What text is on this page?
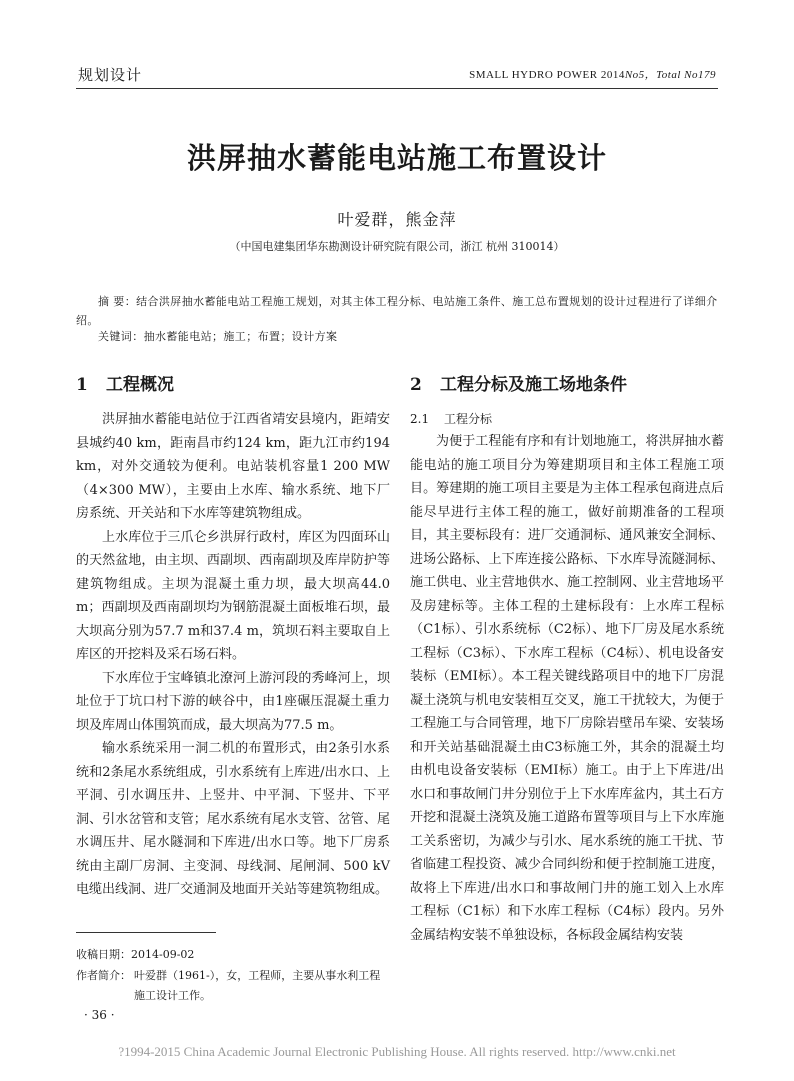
规划设计	SMALL HYDRO POWER 2014No5，Total No179
洪屏抽水蓄能电站施工布置设计
叶爱群，熊金萍
（中国电建集团华东勘测设计研究院有限公司，浙江 杭州 310014）
摘 要：结合洪屏抽水蓄能电站工程施工规划，对其主体工程分标、电站施工条件、施工总布置规划的设计过程进行了详细介绍。
关键词：抽水蓄能电站；施工；布置；设计方案
1 工程概况

洪屏抽水蓄能电站位于江西省靖安县境内，距靖安县城约40 km，距南昌市约124 km，距九江市约194 km，对外交通较为便利。电站装机容量1 200 MW（4×300 MW），主要由上水库、输水系统、地下厂房系统、开关站和下水库等建筑物组成。

上水库位于三爪仑乡洪屏行政村，库区为四面环山的天然盆地，由主坝、西副坝、西南副坝及库岸防护等建筑物组成。主坝为混凝土重力坝，最大坝高44.0 m；西副坝及西南副坝均为钢筋混凝土面板堆石坝，最大坝高分别为57.7 m和37.4 m，筑坝石料主要取自上库区的开挖料及采石场石料。

下水库位于宝峰镇北潦河上游河段的秀峰河上，坝址位于丁坑口村下游的峡谷中，由1座碾压混凝土重力坝及库周山体围筑而成，最大坝高为77.5 m。

输水系统采用一洞二机的布置形式，由2条引水系统和2条尾水系统组成，引水系统有上库进/出水口、上平洞、引水调压井、上竖井、中平洞、下竖井、下平洞、引水岔管和支管；尾水系统有尾水支管、岔管、尾水调压井、尾水隧洞和下库进/出水口等。地下厂房系统由主副厂房洞、主变洞、母线洞、尾闸洞、500 kV电缆出线洞、进厂交通洞及地面开关站等建筑物组成。

2 工程分标及施工场地条件
2.1 工程分标

为便于工程能有序和有计划地施工，将洪屏抽水蓄能电站的施工项目分为筹建期项目和主体工程施工项目。筹建期的施工项目主要是为主体工程承包商进点后能尽早进行主体工程的施工，做好前期准备的工程项目，其主要标段有：进厂交通洞标、通风兼安全洞标、进场公路标、上下库连接公路标、下水库导流隧洞标、施工供电、业主营地供水、施工控制网、业主营地场平及房建标等。主体工程的土建标段有：上水库工程标（C1标）、引水系统标（C2标）、地下厂房及尾水系统工程标（C3标）、下水库工程标（C4标）、机电设备安装标（EMI标）。本工程关键线路项目中的地下厂房混凝土浇筑与机电安装相互交叉，施工干扰较大，为便于工程施工与合同管理，地下厂房除岩壁吊车梁、安装场和开关站基础混凝土由C3标施工外，其余的混凝土均由机电设备安装标（EMI标）施工。由于上下库进/出水口和事故闸门井分别位于上下水库库盆内，其土石方开挖和混凝土浇筑及施工道路布置等项目与上下水库施工关系密切，为减少与引水、尾水系统的施工干扰、节省临建工程投资、减少合同纠纷和便于控制施工进度，故将上下库进/出水口和事故闸门井的施工划入上水库工程标（C1标）和下水库工程标（C4标）段内。另外金属结构安装不单独设标，各标段金属结构安装

收稿日期：2014-09-02
作者简介： 叶爱群（1961-），女，工程师，主要从事水利工程施工设计工作。
· 36 ·
?1994-2015 China Academic Journal Electronic Publishing House. All rights reserved. http://www.cnki.net
